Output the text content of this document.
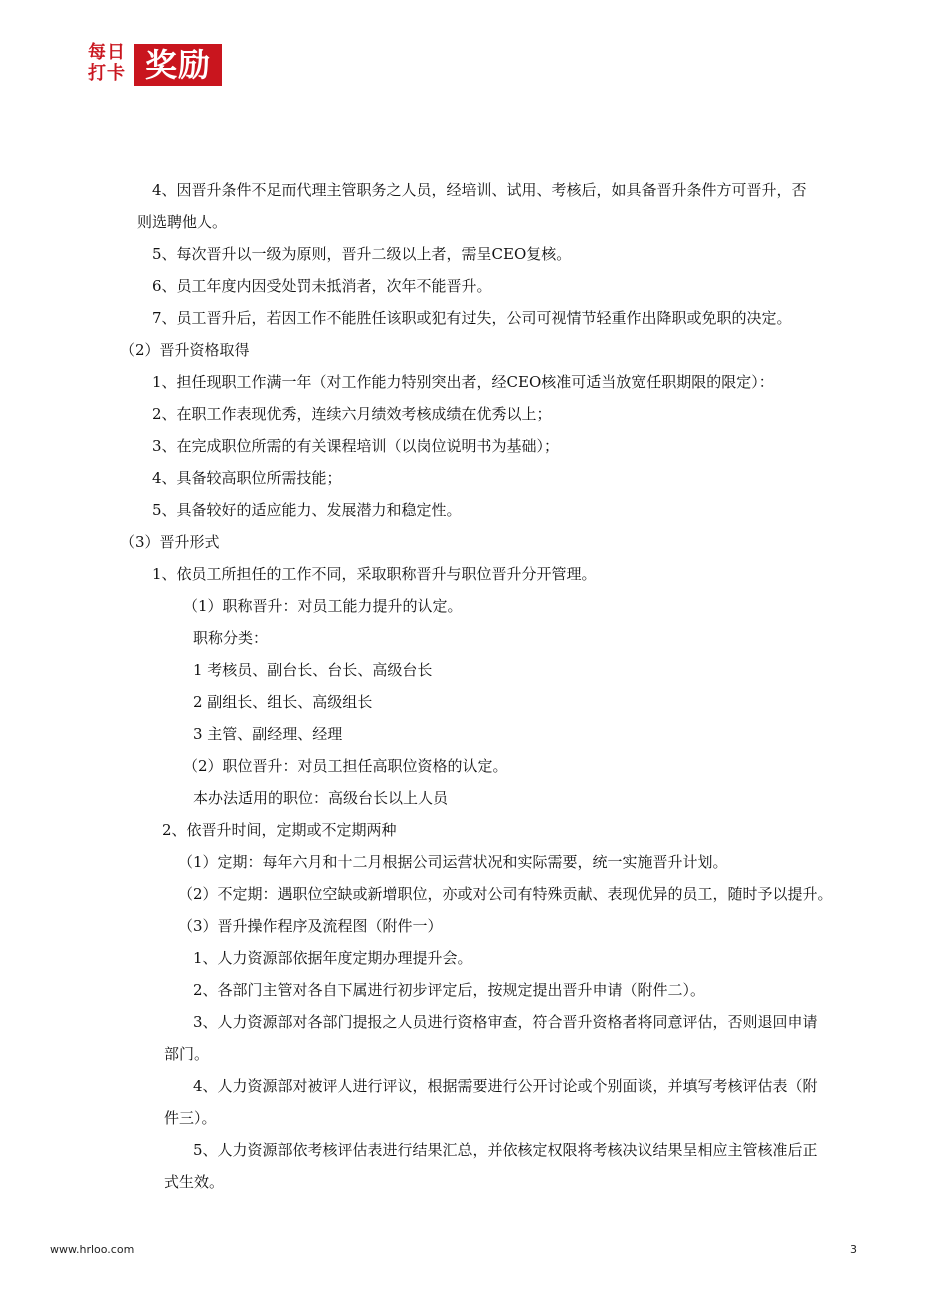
每日
打卡 奖励
4、因晋升条件不足而代理主管职务之人员，经培训、试用、考核后，如具备晋升条件方可晋升，否
则选聘他人。
5、每次晋升以一级为原则，晋升二级以上者，需呈CEO复核。
6、员工年度内因受处罚未抵消者，次年不能晋升。
7、员工晋升后，若因工作不能胜任该职或犯有过失，公司可视情节轻重作出降职或免职的决定。
（2）晋升资格取得
1、担任现职工作满一年（对工作能力特别突出者，经CEO核准可适当放宽任职期限的限定）：
2、在职工作表现优秀，连续六月绩效考核成绩在优秀以上；
3、在完成职位所需的有关课程培训（以岗位说明书为基础）；
4、具备较高职位所需技能；
5、具备较好的适应能力、发展潜力和稳定性。
（3）晋升形式
1、依员工所担任的工作不同，采取职称晋升与职位晋升分开管理。
（1）职称晋升：对员工能力提升的认定。
职称分类：
1 考核员、副台长、台长、高级台长
2 副组长、组长、高级组长
3 主管、副经理、经理
（2）职位晋升：对员工担任高职位资格的认定。
本办法适用的职位：高级台长以上人员
2、依晋升时间，定期或不定期两种
（1）定期：每年六月和十二月根据公司运营状况和实际需要，统一实施晋升计划。
（2）不定期：遇职位空缺或新增职位，亦或对公司有特殊贡献、表现优异的员工，随时予以提升。
（3）晋升操作程序及流程图（附件一）
1、人力资源部依据年度定期办理提升会。
2、各部门主管对各自下属进行初步评定后，按规定提出晋升申请（附件二）。
3、人力资源部对各部门提报之人员进行资格审查，符合晋升资格者将同意评估，否则退回申请
部门。
4、人力资源部对被评人进行评议，根据需要进行公开讨论或个别面谈，并填写考核评估表（附
件三）。
5、人力资源部依考核评估表进行结果汇总，并依核定权限将考核决议结果呈相应主管核准后正
式生效。
www.hrloo.com	3
